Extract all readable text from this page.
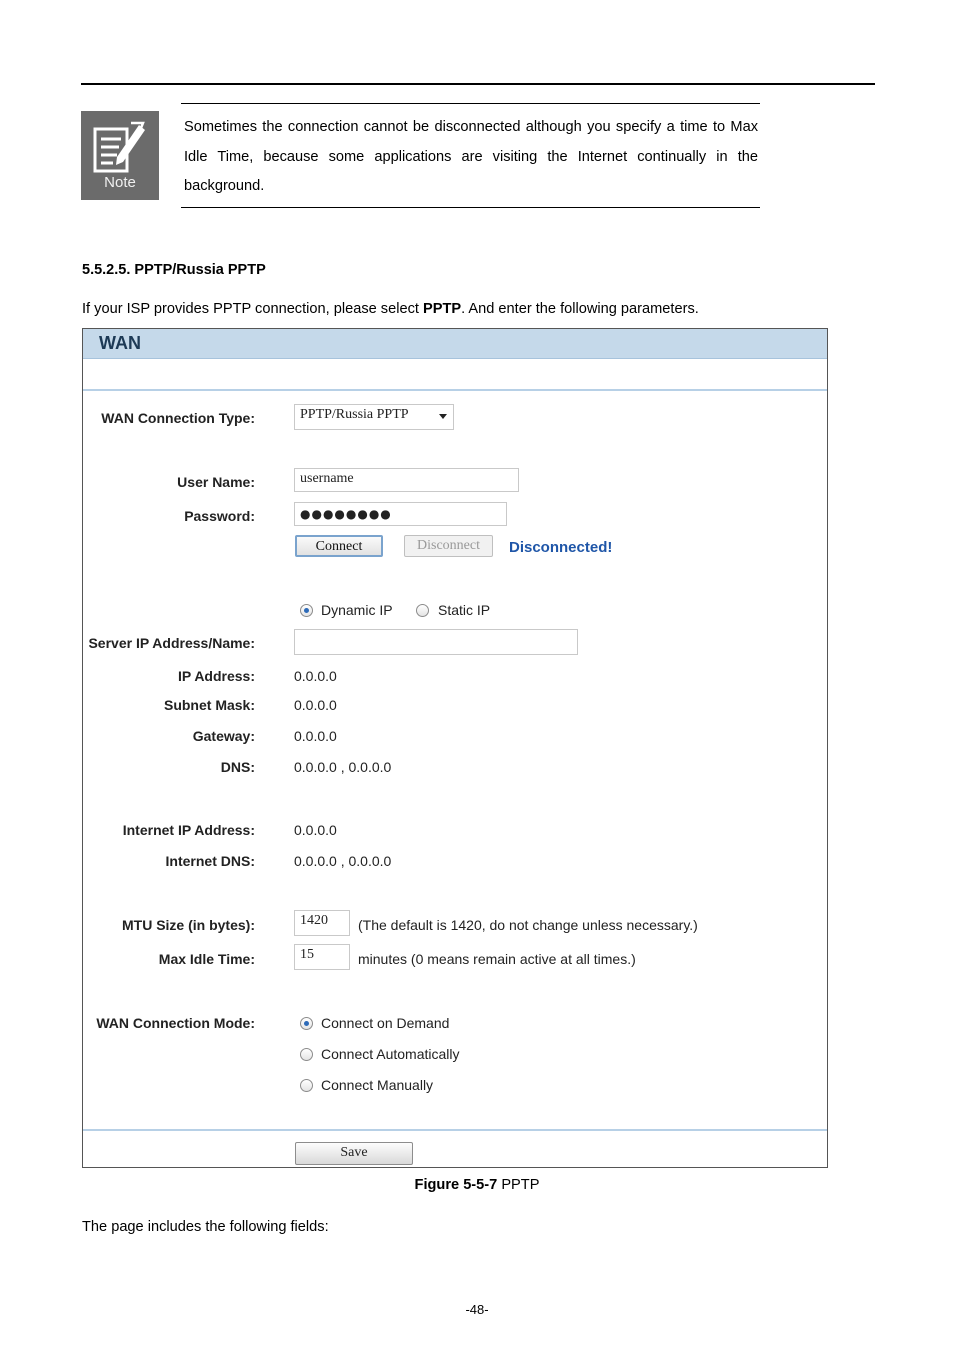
Note
Sometimes the connection cannot be disconnected although you specify a time to Max Idle Time, because some applications are visiting the Internet continually in the background.
5.5.2.5. PPTP/Russia PPTP
If your ISP provides PPTP connection, please select PPTP. And enter the following parameters.
WAN
WAN Connection Type:	PPTP/Russia PPTP
User Name:	username
Password:	●●●●●●●●
Connect	Disconnect	Disconnected!
Dynamic IP	Static IP
Server IP Address/Name:
IP Address:	0.0.0.0
Subnet Mask:	0.0.0.0
Gateway:	0.0.0.0
DNS:	0.0.0.0 , 0.0.0.0
Internet IP Address:	0.0.0.0
Internet DNS:	0.0.0.0 , 0.0.0.0
MTU Size (in bytes):	1420	(The default is 1420, do not change unless necessary.)
Max Idle Time:	15	minutes (0 means remain active at all times.)
WAN Connection Mode:	Connect on Demand
Connect Automatically
Connect Manually
Save
Figure 5-5-7 PPTP
The page includes the following fields:
-48-
